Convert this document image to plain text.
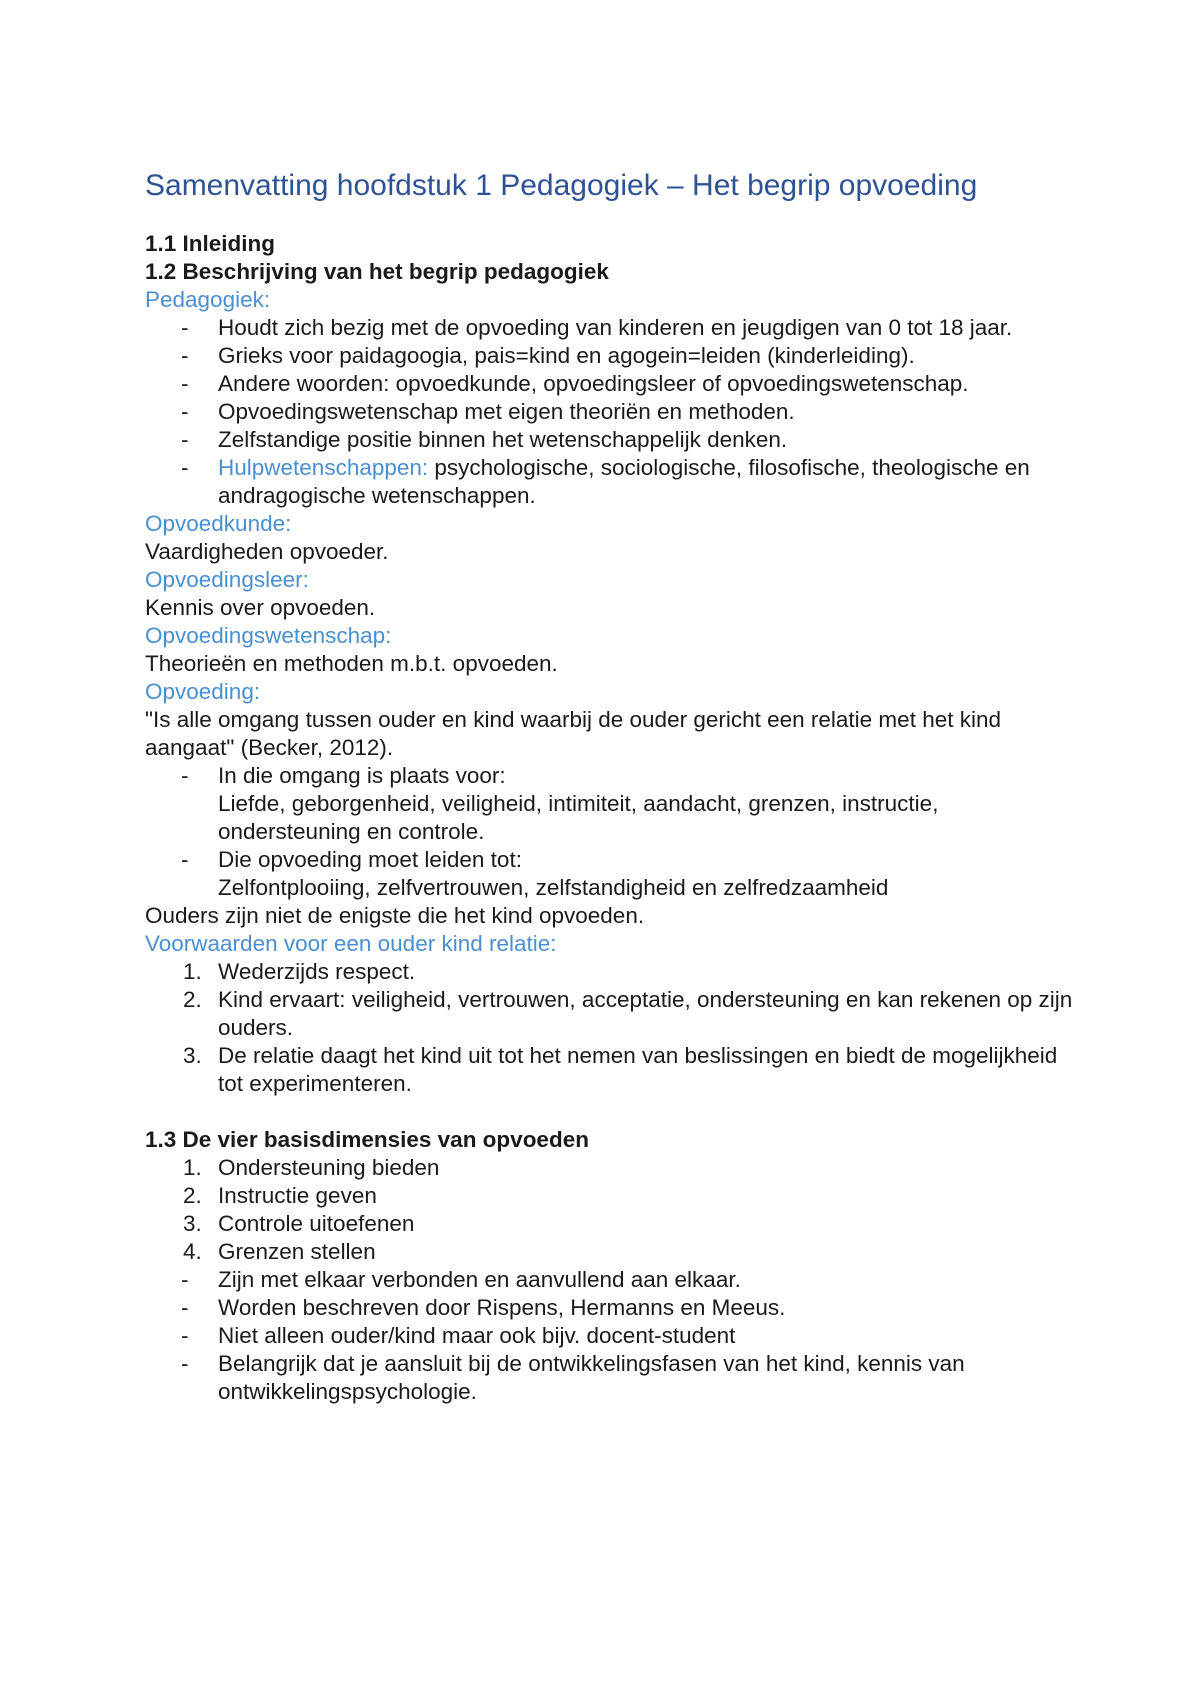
Samenvatting hoofdstuk 1 Pedagogiek – Het begrip opvoeding

1.1 Inleiding

1.2 Beschrijving van het begrip pedagogiek

Pedagogiek:

- Houdt zich bezig met de opvoeding van kinderen en jeugdigen van 0 tot 18 jaar.
- Grieks voor paidagoogia, pais=kind en agogein=leiden (kinderleiding).
- Andere woorden: opvoedkunde, opvoedingsleer of opvoedingswetenschap.
- Opvoedingswetenschap met eigen theoriën en methoden.
- Zelfstandige positie binnen het wetenschappelijk denken.
- Hulpwetenschappen: psychologische, sociologische, filosofische, theologische en andragogische wetenschappen.

Opvoedkunde:

Vaardigheden opvoeder.

Opvoedingsleer:

Kennis over opvoeden.

Opvoedingswetenschap:

Theorieën en methoden m.b.t. opvoeden.

Opvoeding:

"Is alle omgang tussen ouder en kind waarbij de ouder gericht een relatie met het kind aangaat" (Becker, 2012).

- In die omgang is plaats voor:
Liefde, geborgenheid, veiligheid, intimiteit, aandacht, grenzen, instructie, ondersteuning en controle.
- Die opvoeding moet leiden tot:
Zelfontplooiing, zelfvertrouwen, zelfstandigheid en zelfredzaamheid

Ouders zijn niet de enigste die het kind opvoeden.

Voorwaarden voor een ouder kind relatie:

1. Wederzijds respect.
2. Kind ervaart: veiligheid, vertrouwen, acceptatie, ondersteuning en kan rekenen op zijn ouders.
3. De relatie daagt het kind uit tot het nemen van beslissingen en biedt de mogelijkheid tot experimenteren.

1.3 De vier basisdimensies van opvoeden

1. Ondersteuning bieden
2. Instructie geven
3. Controle uitoefenen
4. Grenzen stellen
- Zijn met elkaar verbonden en aanvullend aan elkaar.
- Worden beschreven door Rispens, Hermanns en Meeus.
- Niet alleen ouder/kind maar ook bijv. docent-student
- Belangrijk dat je aansluit bij de ontwikkelingsfasen van het kind, kennis van ontwikkelingspsychologie.
